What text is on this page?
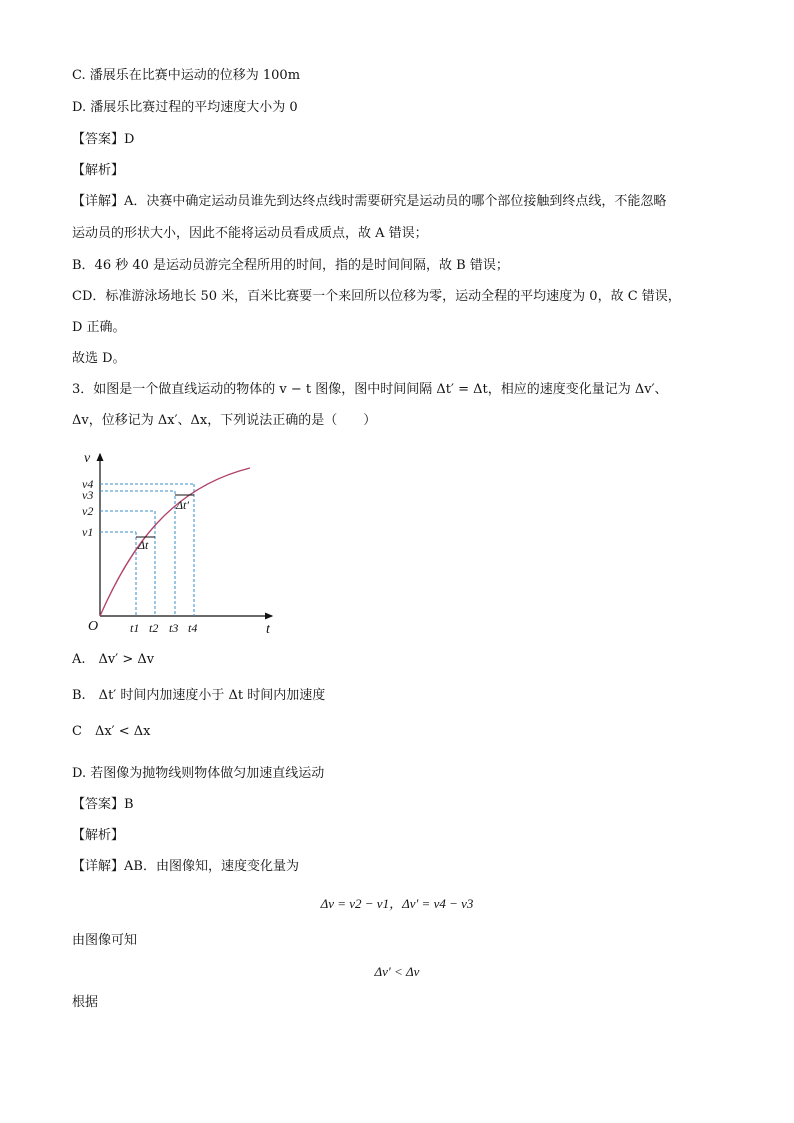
C. 潘展乐在比赛中运动的位移为 100m
D. 潘展乐比赛过程的平均速度大小为 0
【答案】D
【解析】
【详解】A．决赛中确定运动员谁先到达终点线时需要研究是运动员的哪个部位接触到终点线，不能忽略
运动员的形状大小，因此不能将运动员看成质点，故 A 错误；
B．46 秒 40 是运动员游完全程所用的时间，指的是时间间隔，故 B 错误；
CD．标准游泳场地长 50 米，百米比赛要一个来回所以位移为零，运动全程的平均速度为 0，故 C 错误，
D 正确。
故选 D。
3．如图是一个做直线运动的物体的 v − t 图像，图中时间间隔 Δt′ = Δt，相应的速度变化量记为 Δv′、
Δv，位移记为 Δx′、Δx，下列说法正确的是（　　）
Δt
Δt′
v
t
O
v4
v3
v2
v1
t1 t2 t3 t4
A.　Δv′ > Δv
B.　Δt′ 时间内加速度小于 Δt 时间内加速度
C　Δx′ < Δx
D. 若图像为抛物线则物体做匀加速直线运动
【答案】B
【解析】
【详解】AB．由图像知，速度变化量为
Δv = v2 − v1，Δv′ = v4 − v3
由图像可知
Δv′ < Δv
根据
